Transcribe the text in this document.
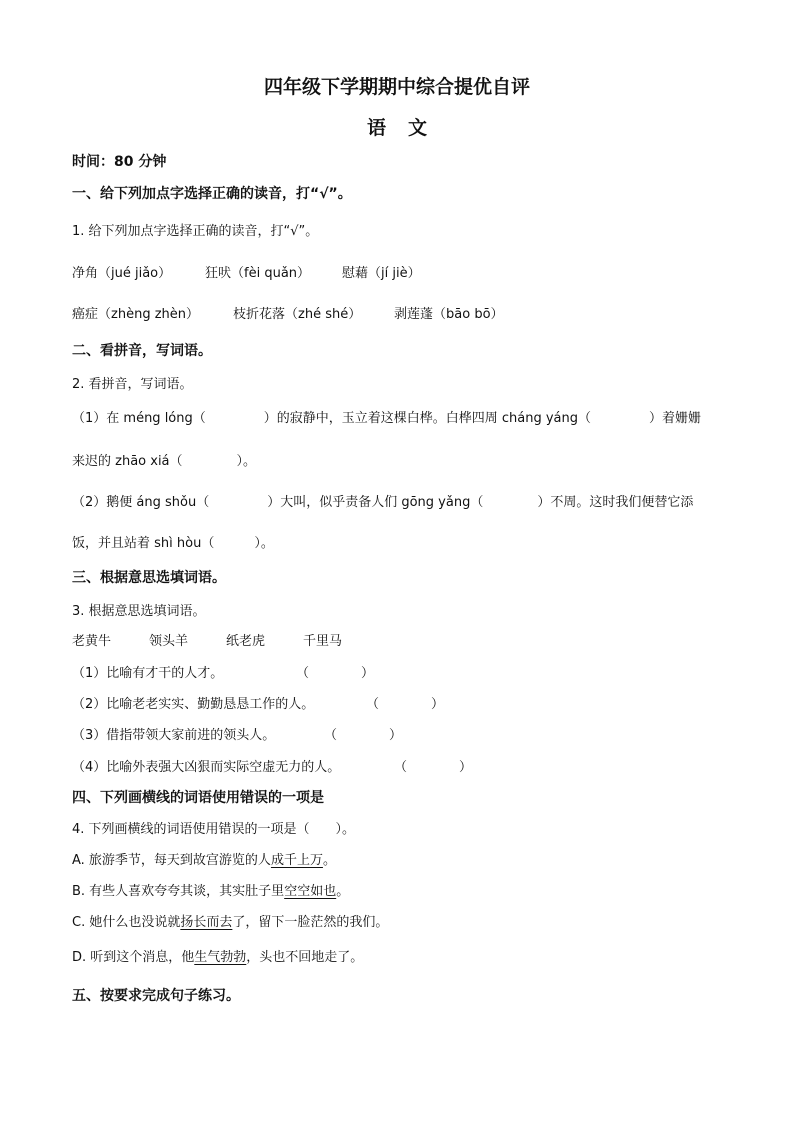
四年级下学期期中综合提优自评
语文
时间：80 分钟
一、给下列加点字选择正确的读音，打“√”。
1. 给下列加点字选择正确的读音，打“√”。
净角（jué jiǎo）	狂吠（fèi quǎn） 慰藉（jí jiè）
癌症（zhèng zhèn）	枝折花落（zhé shé）	剥莲蓬（bāo bō）
二、看拼音，写词语。
2. 看拼音，写词语。
（1）在 méng lóng（	）的寂静中，玉立着这棵白桦。白桦四周 cháng yáng（	）着姗姗
来迟的 zhāo xiá（	）。
（2）鹅便 áng shǒu（	）大叫，似乎责备人们 gōng yǎng（	）不周。这时我们便替它添
饭，并且站着 shì hòu（	）。
三、根据意思选填词语。
3. 根据意思选填词语。
老黄牛	领头羊	纸老虎	千里马
（1）比喻有才干的人才。	（　　　　）
（2）比喻老老实实、勤勤恳恳工作的人。	（　　　　）
（3）借指带领大家前进的领头人。	（　　　　）
（4）比喻外表强大凶狠而实际空虚无力的人。	（　　　　）
四、下列画横线的词语使用错误的一项是
4. 下列画横线的词语使用错误的一项是（　　）。
A. 旅游季节，每天到故宫游览的人成千上万。
B. 有些人喜欢夸夸其谈，其实肚子里空空如也。
C. 她什么也没说就扬长而去了，留下一脸茫然的我们。
D. 听到这个消息，他生气勃勃，头也不回地走了。
五、按要求完成句子练习。
